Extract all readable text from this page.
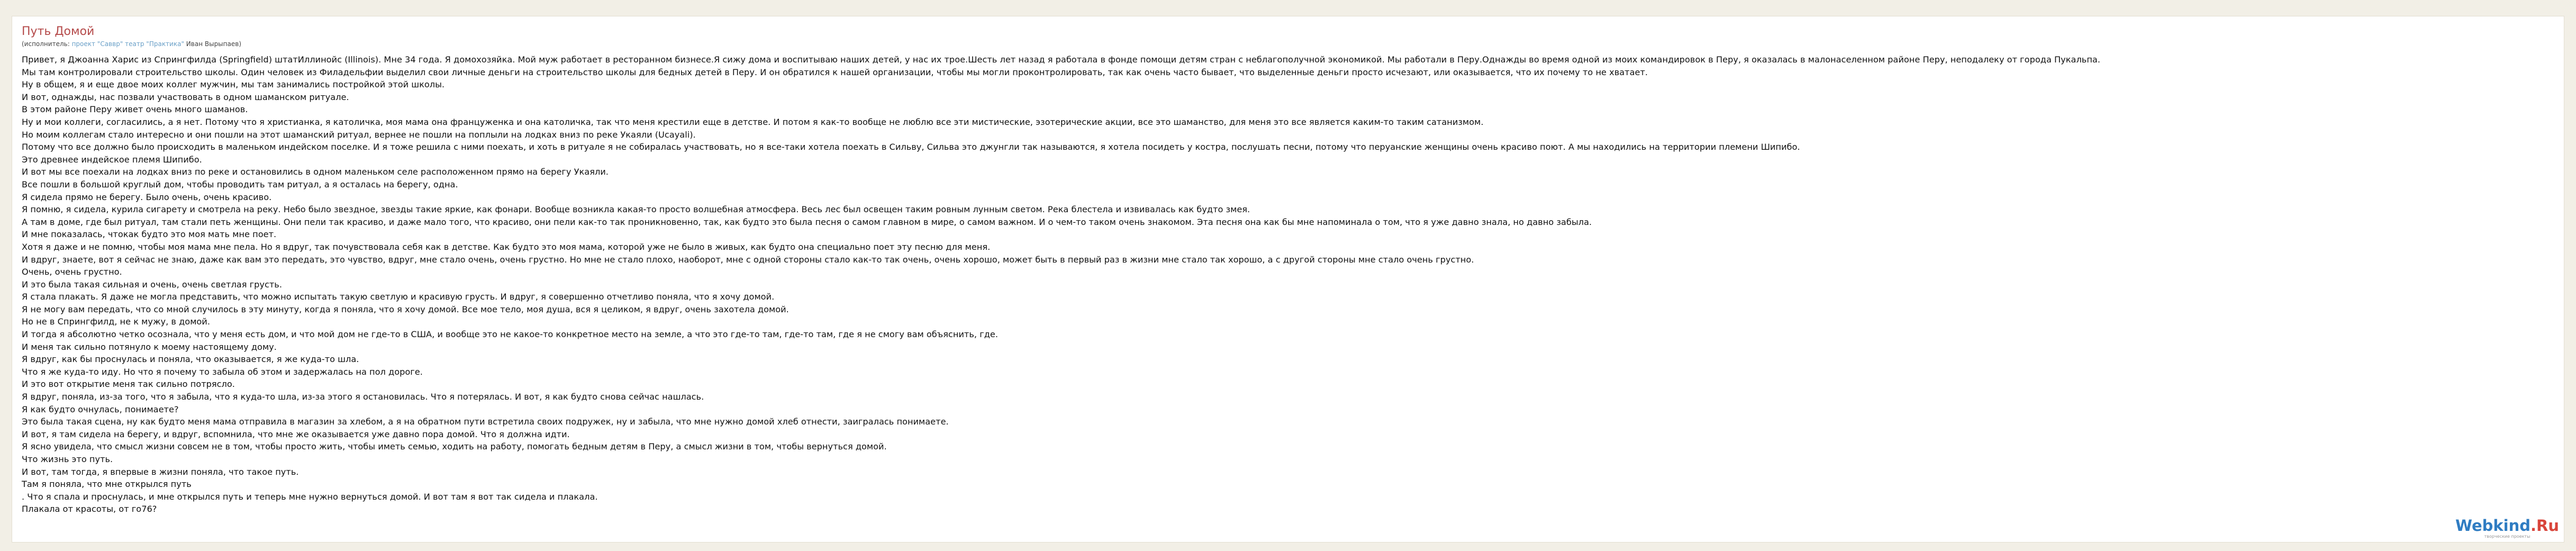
Путь Домой
(исполнитель: проект "Саввр" театр "Практика" Иван Вырыпаев)
Привет, я Джоанна Харис из Спрингфилда (Springfield) штатИллинойс (Illinois). Мне 34 года. Я домохозяйка. Мой муж работает в ресторанном бизнесе.Я сижу дома и воспитываю наших детей, у нас их трое.Шесть лет назад я работала в фонде помощи детям стран с неблагополучной экономикой. Мы работали в Перу.Однажды во время одной из моих командировок в Перу, я оказалась в малонаселенном районе Перу, неподалеку от города Пукальпа.
Мы там контролировали строительство школы. Один человек из Филадельфии выделил свои личные деньги на строительство школы для бедных детей в Перу. И он обратился к нашей организации, чтобы мы могли проконтролировать, так как очень часто бывает, что выделенные деньги просто исчезают, или оказывается, что их почему то не хватает.
Ну в общем, я и еще двое моих коллег мужчин, мы там занимались постройкой этой школы.
И вот, однажды, нас позвали участвовать в одном шаманском ритуале.
В этом районе Перу живет очень много шаманов.
Ну и мои коллеги, согласились, а я нет. Потому что я христианка, я католичка, моя мама она француженка и она католичка, так что меня крестили еще в детстве. И потом я как-то вообще не люблю все эти мистические, эзотерические акции, все это шаманство, для меня это все является каким-то таким сатанизмом.
Но моим коллегам стало интересно и они пошли на этот шаманский ритуал, вернее не пошли на поплыли на лодках вниз по реке Укаяли (Ucayali).
Потому что все должно было происходить в маленьком индейском поселке. И я тоже решила с ними поехать, и хоть в ритуале я не собиралась участвовать, но я все-таки хотела поехать в Сильву, Сильва это джунгли так называются, я хотела посидеть у костра, послушать песни, потому что перуанские женщины очень красиво поют. А мы находились на территории племени Шипибо.
Это древнее индейское племя Шипибо.
И вот мы все поехали на лодках вниз по реке и остановились в одном маленьком селе расположенном прямо на берегу Укаяли.
Все пошли в большой круглый дом, чтобы проводить там ритуал, а я осталась на берегу, одна.
Я сидела прямо не берегу. Было очень, очень красиво.
Я помню, я сидела, курила сигарету и смотрела на реку. Небо было звездное, звезды такие яркие, как фонари. Вообще возникла какая-то просто волшебная атмосфера. Весь лес был освещен таким ровным лунным светом. Река блестела и извивалась как будто змея.
А там в доме, где был ритуал, там стали петь женщины. Они пели так красиво, и даже мало того, что красиво, они пели как-то так проникновенно, так, как будто это была песня о самом главном в мире, о самом важном. И о чем-то таком очень знакомом. Эта песня она как бы мне напоминала о том, что я уже давно знала, но давно забыла.
И мне показалась, чтокак будто это моя мать мне поет.
Хотя я даже и не помню, чтобы моя мама мне пела. Но я вдруг, так почувствовала себя как в детстве. Как будто это моя мама, которой уже не было в живых, как будто она специально поет эту песню для меня.
И вдруг, знаете, вот я сейчас не знаю, даже как вам это передать, это чувство, вдруг, мне стало очень, очень грустно. Но мне не стало плохо, наоборот, мне с одной стороны стало как-то так очень, очень хорошо, может быть в первый раз в жизни мне стало так хорошо, а с другой стороны мне стало очень грустно.
Очень, очень грустно.
И это была такая сильная и очень, очень светлая грусть.
Я стала плакать. Я даже не могла представить, что можно испытать такую светлую и красивую грусть. И вдруг, я совершенно отчетливо поняла, что я хочу домой.
Я не могу вам передать, что со мной случилось в эту минуту, когда я поняла, что я хочу домой. Все мое тело, моя душа, вся я целиком, я вдруг, очень захотела домой.
Но не в Спрингфилд, не к мужу, в домой.
И тогда я абсолютно четко осознала, что у меня есть дом, и что мой дом не где-то в США, и вообще это не какое-то конкретное место на земле, а что это где-то там, где-то там, где я не смогу вам объяснить, где.
И меня так сильно потянуло к моему настоящему дому.
Я вдруг, как бы проснулась и поняла, что оказывается, я же куда-то шла.
Что я же куда-то иду. Но что я почему то забыла об этом и задержалась на пол дороге.
И это вот открытие меня так сильно потрясло.
Я вдруг, поняла, из-за того, что я забыла, что я куда-то шла, из-за этого я остановилась. Что я потерялась. И вот, я как будто снова сейчас нашлась.
Я как будто очнулась, понимаете?
Это была такая сцена, ну как будто меня мама отправила в магазин за хлебом, а я на обратном пути встретила своих подружек, ну и забыла, что мне нужно домой хлеб отнести, заигралась понимаете.
И вот, я там сидела на берегу, и вдруг, вспомнила, что мне же оказывается уже давно пора домой. Что я должна идти.
Я ясно увидела, что смысл жизни совсем не в том, чтобы просто жить, чтобы иметь семью, ходить на работу, помогать бедным детям в Перу, а смысл жизни в том, чтобы вернуться домой.
Что жизнь это путь.
И вот, там тогда, я впервые в жизни поняла, что такое путь.
Там я поняла, что мне открылся путь
. Что я спала и проснулась, и мне открылся путь и теперь мне нужно вернуться домой. И вот там я вот так сидела и плакала.
Плакала от красоты, от го76?
Webkind.Ru
творческие проекты
